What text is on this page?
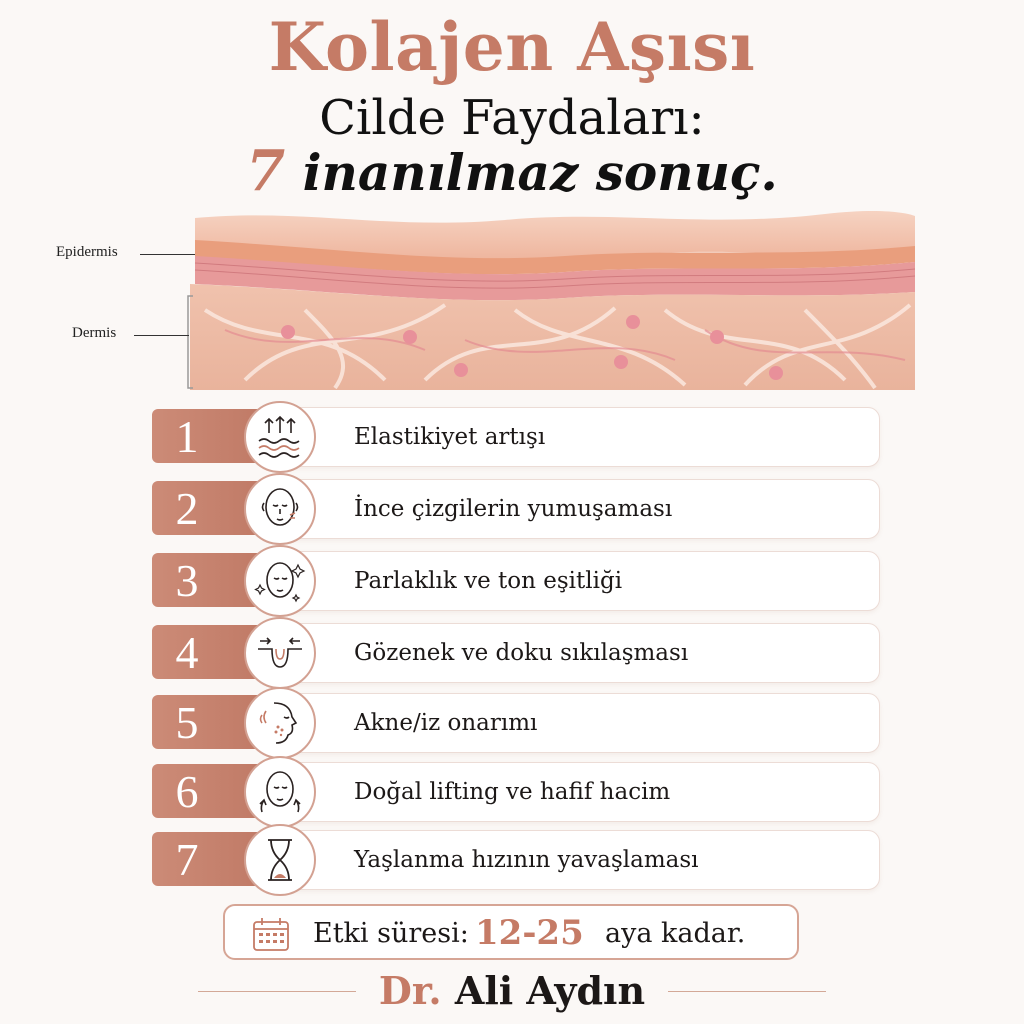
Kolajen Aşısı
Cilde Faydaları:
7 inanılmaz sonuç.
Epidermis
Dermis
1	Elastikiyet artışı
2	İnce çizgilerin yumuşaması
3	Parlaklık ve ton eşitliği
4	Gözenek ve doku sıkılaşması
5	Akne/iz onarımı
6	Doğal lifting ve hafif hacim
7	Yaşlanma hızının yavaşlaması
Etki süresi: 12-25 aya kadar.
Dr. Ali Aydın
